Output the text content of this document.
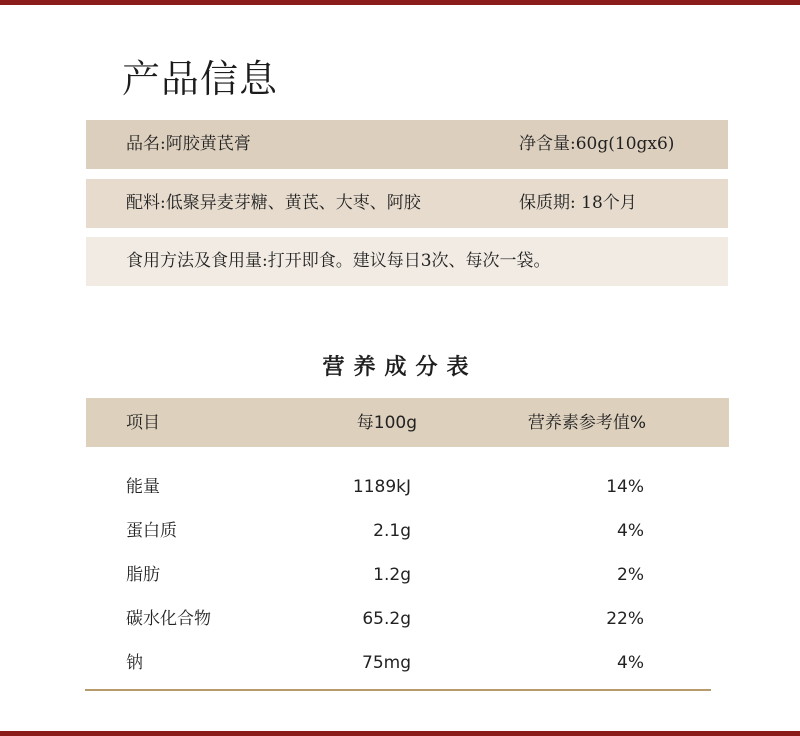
产品信息
品名:阿胶黄芪膏	净含量:60g(10gx6)
配料:低聚异麦芽糖、黄芪、大枣、阿胶	保质期: 18个月
食用方法及食用量:打开即食。建议每日3次、每次一袋。
营养成分表
项目	每100g	营养素参考值%
能量	1189kJ	14%
蛋白质	2.1g	4%
脂肪	1.2g	2%
碳水化合物	65.2g	22%
钠	75mg	4%
